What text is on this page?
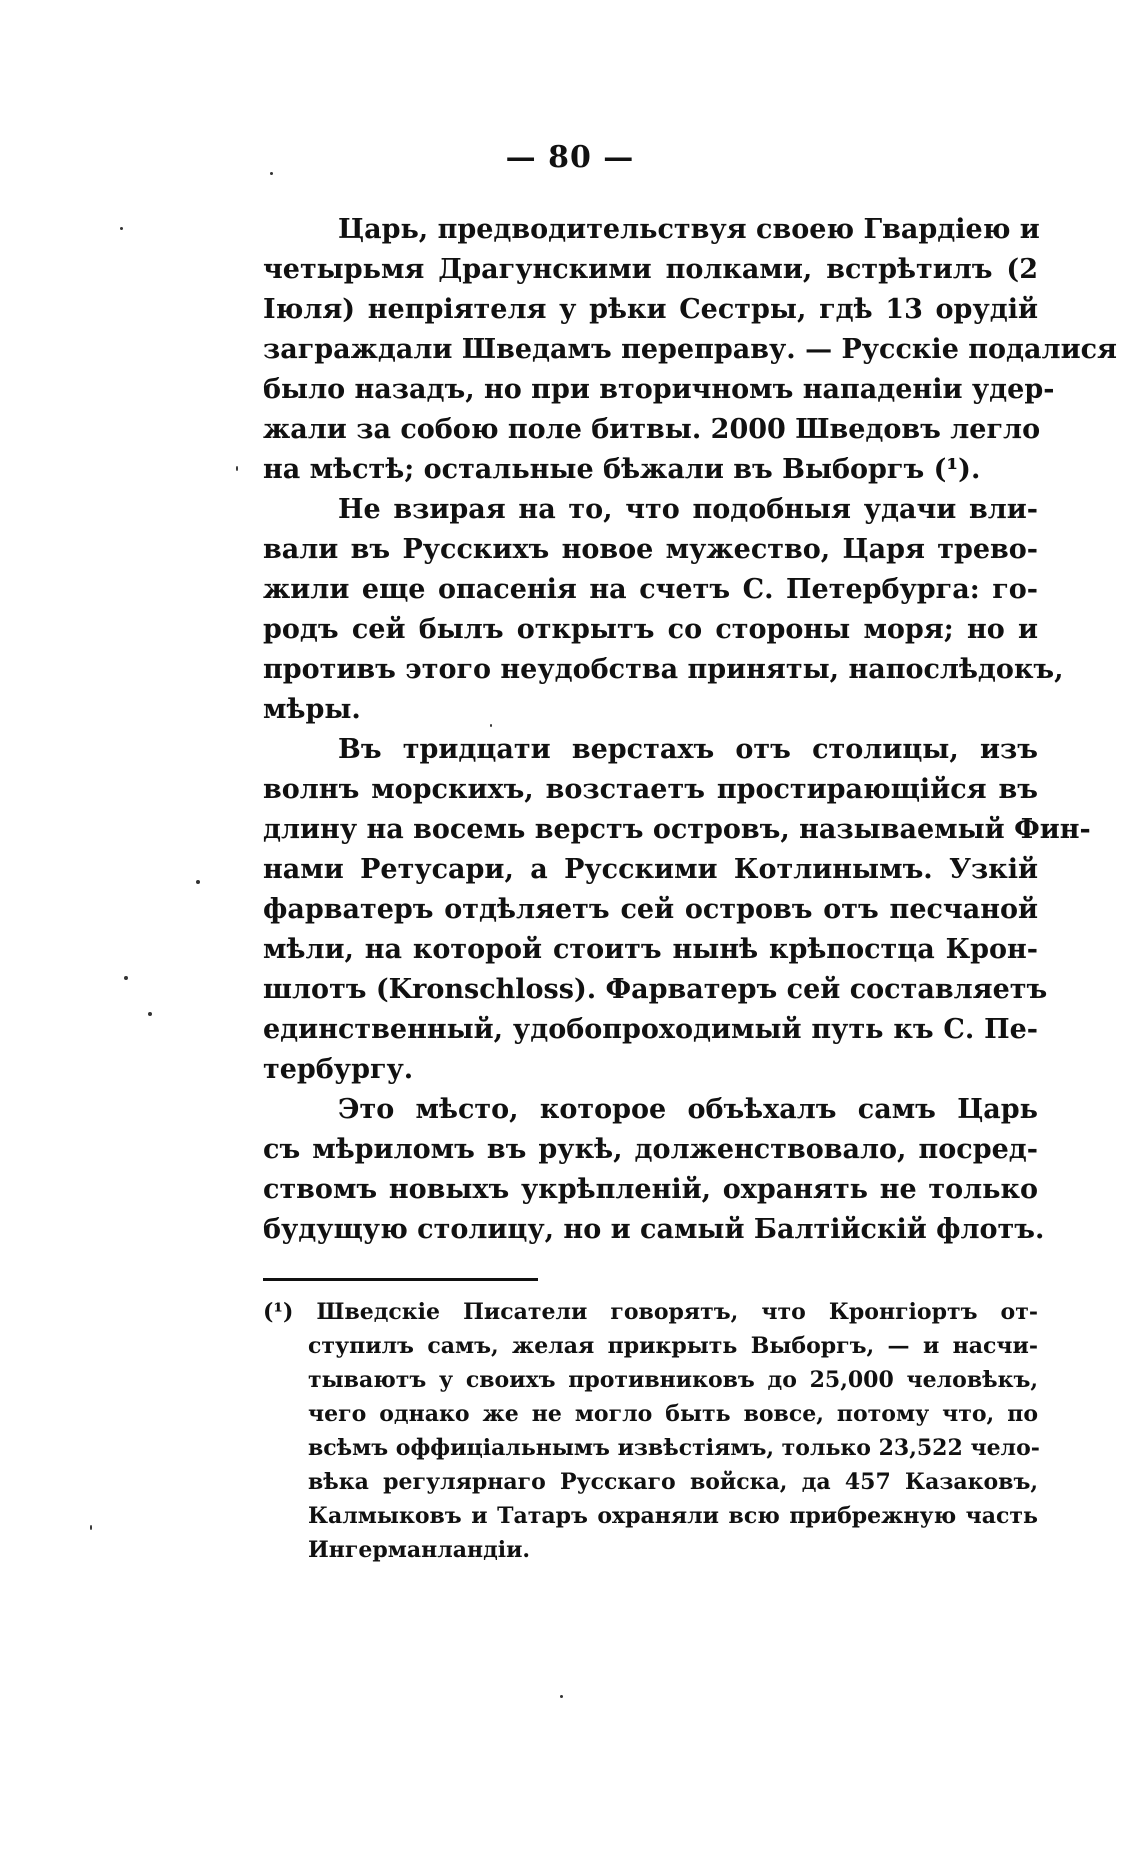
— 80 —
Царь, предводительствуя своею Гвардіею и
четырьмя Драгунскими полками, встрѣтилъ (2
Іюля) непріятеля у рѣки Сестры, гдѣ 13 орудій
заграждали Шведамъ переправу. — Русскіе подалися
было назадъ, но при вторичномъ нападеніи удер-
жали за собою поле битвы. 2000 Шведовъ легло
на мѣстѣ; остальные бѣжали въ Выборгъ (¹).
Не взирая на то, что подобныя удачи вли-
вали въ Русскихъ новое мужество, Царя трево-
жили еще опасенія на счетъ С. Петербурга: го-
родъ сей былъ открытъ со стороны моря; но и
противъ этого неудобства приняты, напослѣдокъ,
мѣры.
Въ тридцати верстахъ отъ столицы, изъ
волнъ морскихъ, возстаетъ простирающійся въ
длину на восемь верстъ островъ, называемый Фин-
нами Ретусари, а Русскими Котлинымъ. Узкій
фарватеръ отдѣляетъ сей островъ отъ песчаной
мѣли, на которой стоитъ нынѣ крѣпостца Крон-
шлотъ (Kronschloss). Фарватеръ сей составляетъ
единственный, удобопроходимый путь къ С. Пе-
тербургу.
Это мѣсто, которое объѣхалъ самъ Царь
съ мѣриломъ въ рукѣ, долженствовало, посред-
ствомъ новыхъ укрѣпленій, охранять не только
будущую столицу, но и самый Балтійскій флотъ.
(¹) Шведскіе Писатели говорятъ, что Кронгіортъ от-
ступилъ самъ, желая прикрыть Выборгъ, — и насчи-
тываютъ у своихъ противниковъ до 25,000 человѣкъ,
чего однако же не могло быть вовсе, потому что, по
всѣмъ оффиціальнымъ извѣстіямъ, только 23,522 чело-
вѣка регулярнаго Русскаго войска, да 457 Казаковъ,
Калмыковъ и Татаръ охраняли всю прибрежную часть
Ингерманландіи.
